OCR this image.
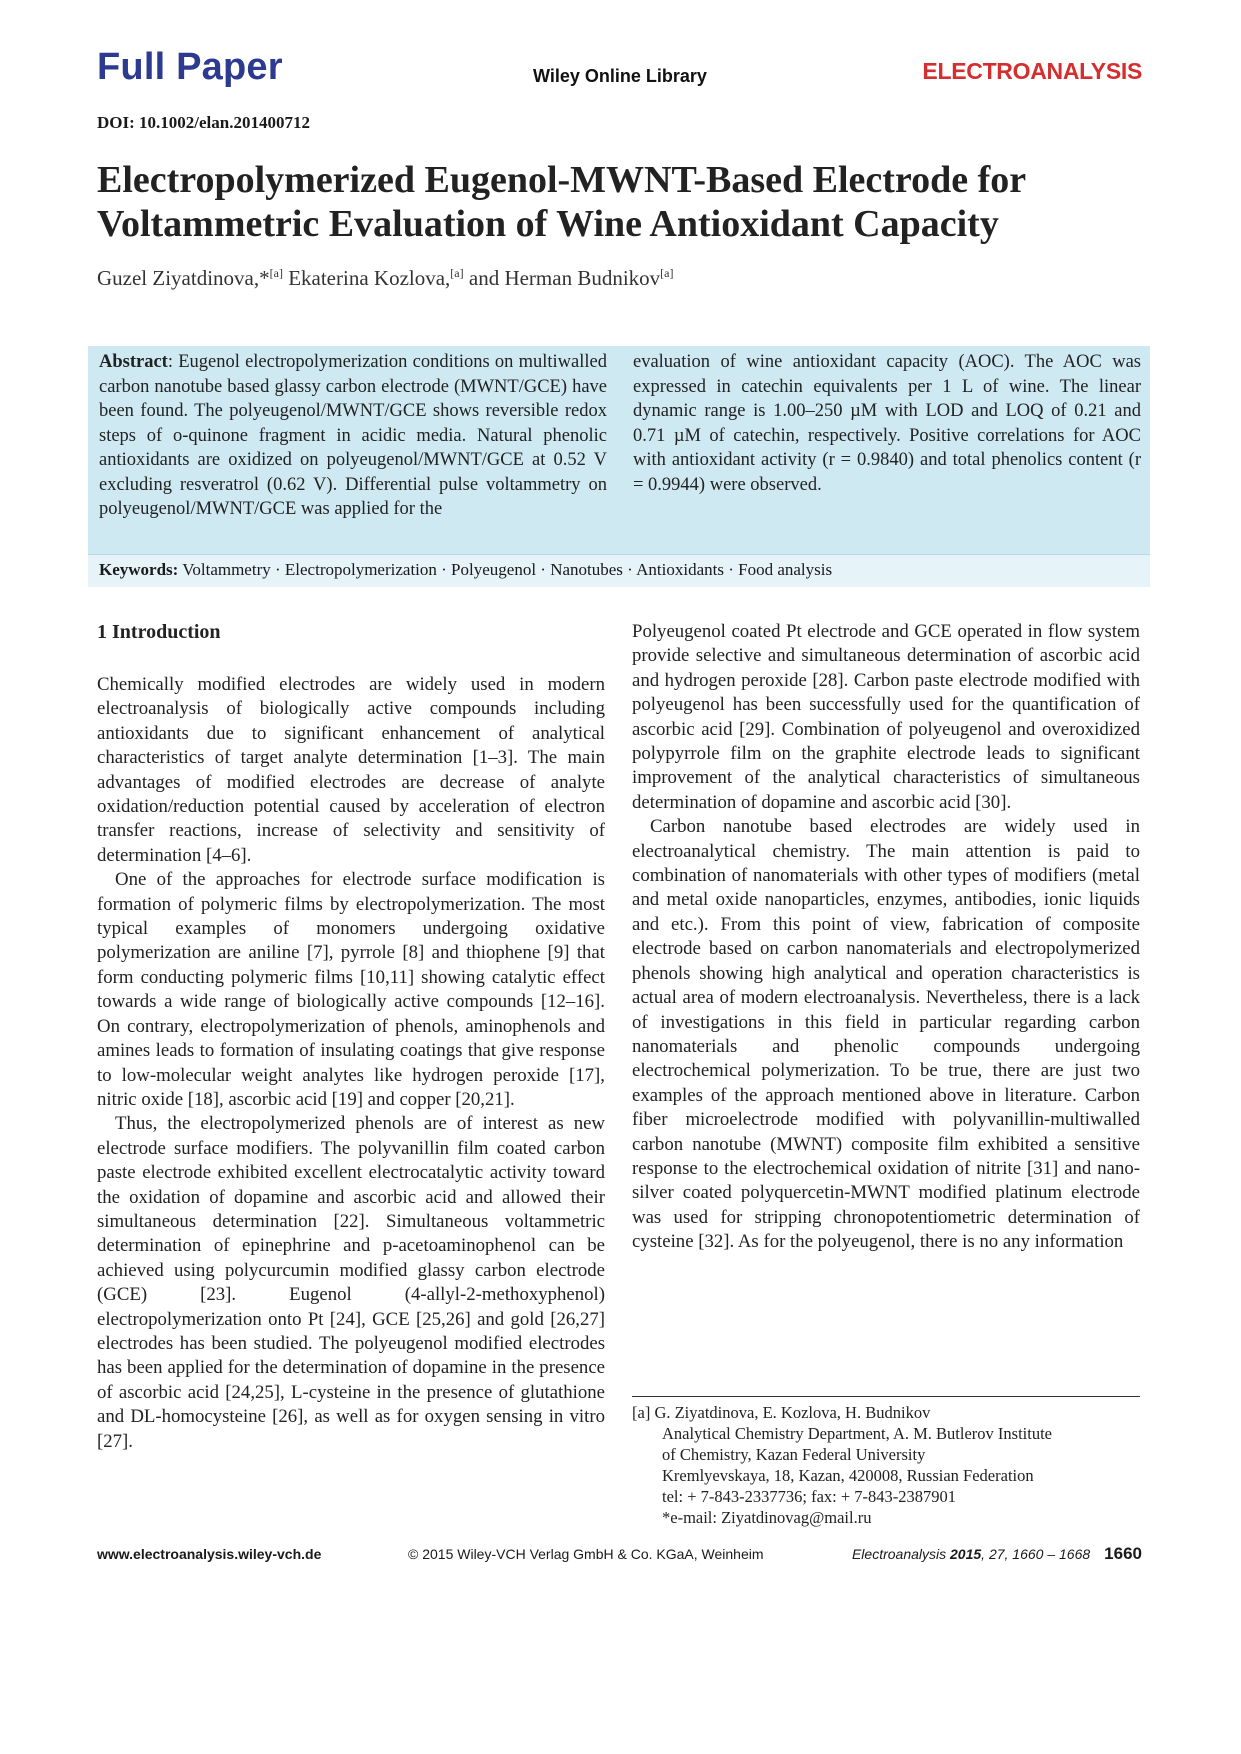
Full Paper	Wiley Online Library	ELECTROANALYSIS
DOI: 10.1002/elan.201400712
Electropolymerized Eugenol-MWNT-Based Electrode for
Voltammetric Evaluation of Wine Antioxidant Capacity
Guzel Ziyatdinova,*[a] Ekaterina Kozlova,[a] and Herman Budnikov[a]
Abstract: Eugenol electropolymerization conditions on multiwalled carbon nanotube based glassy carbon electrode (MWNT/GCE) have been found. The polyeugenol/MWNT/GCE shows reversible redox steps of o-quinone fragment in acidic media. Natural phenolic antioxidants are oxidized on polyeugenol/MWNT/GCE at 0.52 V excluding resveratrol (0.62 V). Differential pulse voltammetry on polyeugenol/MWNT/GCE was applied for the
evaluation of wine antioxidant capacity (AOC). The AOC was expressed in catechin equivalents per 1 L of wine. The linear dynamic range is 1.00–250 µM with LOD and LOQ of 0.21 and 0.71 µM of catechin, respectively. Positive correlations for AOC with antioxidant activity (r = 0.9840) and total phenolics content (r = 0.9944) were observed.
Keywords: Voltammetry · Electropolymerization · Polyeugenol · Nanotubes · Antioxidants · Food analysis
1 Introduction

Chemically modified electrodes are widely used in modern electroanalysis of biologically active compounds including antioxidants due to significant enhancement of analytical characteristics of target analyte determination [1–3]. The main advantages of modified electrodes are decrease of analyte oxidation/reduction potential caused by acceleration of electron transfer reactions, increase of selectivity and sensitivity of determination [4–6].

One of the approaches for electrode surface modification is formation of polymeric films by electropolymerization. The most typical examples of monomers undergoing oxidative polymerization are aniline [7], pyrrole [8] and thiophene [9] that form conducting polymeric films [10,11] showing catalytic effect towards a wide range of biologically active compounds [12–16]. On contrary, electropolymerization of phenols, aminophenols and amines leads to formation of insulating coatings that give response to low-molecular weight analytes like hydrogen peroxide [17], nitric oxide [18], ascorbic acid [19] and copper [20,21].

Thus, the electropolymerized phenols are of interest as new electrode surface modifiers. The polyvanillin film coated carbon paste electrode exhibited excellent electrocatalytic activity toward the oxidation of dopamine and ascorbic acid and allowed their simultaneous determination [22]. Simultaneous voltammetric determination of epinephrine and p-acetoaminophenol can be achieved using polycurcumin modified glassy carbon electrode (GCE) [23]. Eugenol (4-allyl-2-methoxyphenol) electropolymerization onto Pt [24], GCE [25,26] and gold [26,27] electrodes has been studied. The polyeugenol modified electrodes has been applied for the determination of dopamine in the presence of ascorbic acid [24,25], L-cysteine in the presence of glutathione and DL-homocysteine [26], as well as for oxygen sensing in vitro [27].

Polyeugenol coated Pt electrode and GCE operated in flow system provide selective and simultaneous determination of ascorbic acid and hydrogen peroxide [28]. Carbon paste electrode modified with polyeugenol has been successfully used for the quantification of ascorbic acid [29]. Combination of polyeugenol and overoxidized polypyrrole film on the graphite electrode leads to significant improvement of the analytical characteristics of simultaneous determination of dopamine and ascorbic acid [30].

Carbon nanotube based electrodes are widely used in electroanalytical chemistry. The main attention is paid to combination of nanomaterials with other types of modifiers (metal and metal oxide nanoparticles, enzymes, antibodies, ionic liquids and etc.). From this point of view, fabrication of composite electrode based on carbon nanomaterials and electropolymerized phenols showing high analytical and operation characteristics is actual area of modern electroanalysis. Nevertheless, there is a lack of investigations in this field in particular regarding carbon nanomaterials and phenolic compounds undergoing electrochemical polymerization. To be true, there are just two examples of the approach mentioned above in literature. Carbon fiber microelectrode modified with polyvanillin-multiwalled carbon nanotube (MWNT) composite film exhibited a sensitive response to the electrochemical oxidation of nitrite [31] and nano-silver coated polyquercetin-MWNT modified platinum electrode was used for stripping chronopotentiometric determination of cysteine [32]. As for the polyeugenol, there is no any information

[a] G. Ziyatdinova, E. Kozlova, H. Budnikov
Analytical Chemistry Department, A. M. Butlerov Institute
of Chemistry, Kazan Federal University
Kremlyevskaya, 18, Kazan, 420008, Russian Federation
tel: + 7-843-2337736; fax: + 7-843-2387901
*e-mail: Ziyatdinovag@mail.ru
www.electroanalysis.wiley-vch.de	© 2015 Wiley-VCH Verlag GmbH & Co. KGaA, Weinheim	Electroanalysis 2015, 27, 1660 – 1668 1660
